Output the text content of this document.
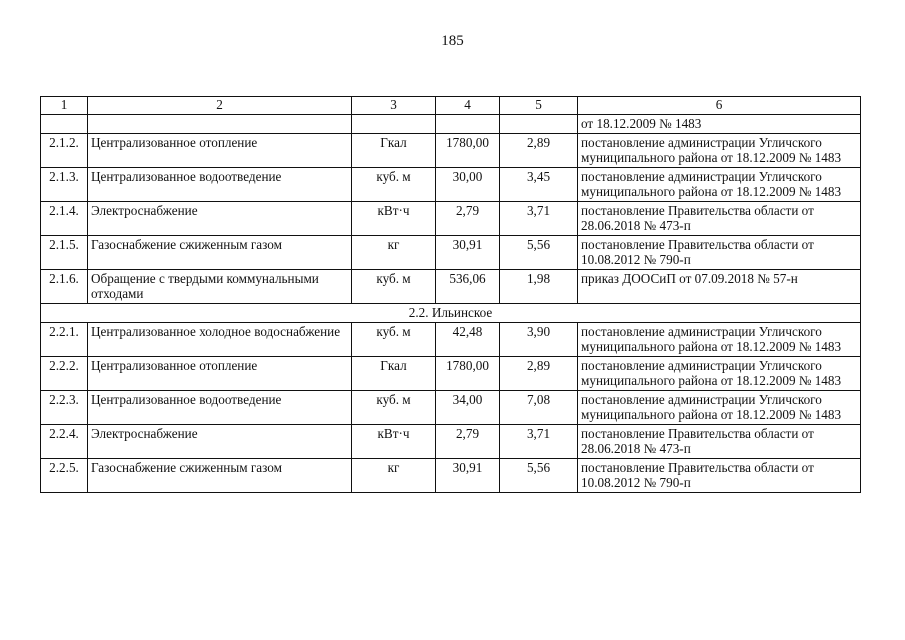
185
1	2	3	4	5	6
					от 18.12.2009 № 1483
2.1.2.	Централизованное отопление	Гкал	1780,00	2,89	постановление администрации Угличского муниципального района от 18.12.2009 № 1483
2.1.3.	Централизованное водоотведение	куб. м	30,00	3,45	постановление администрации Угличского муниципального района от 18.12.2009 № 1483
2.1.4.	Электроснабжение	кВт·ч	2,79	3,71	постановление Правительства области от 28.06.2018 № 473-п
2.1.5.	Газоснабжение сжиженным газом	кг	30,91	5,56	постановление Правительства области от 10.08.2012 № 790-п
2.1.6.	Обращение с твердыми коммунальными отходами	куб. м	536,06	1,98	приказ ДООСиП от 07.09.2018 № 57-н
2.2. Ильинское					
2.2.1.	Централизованное холодное водоснабжение	куб. м	42,48	3,90	постановление администрации Угличского муниципального района от 18.12.2009 № 1483
2.2.2.	Централизованное отопление	Гкал	1780,00	2,89	постановление администрации Угличского муниципального района от 18.12.2009 № 1483
2.2.3.	Централизованное водоотведение	куб. м	34,00	7,08	постановление администрации Угличского муниципального района от 18.12.2009 № 1483
2.2.4.	Электроснабжение	кВт·ч	2,79	3,71	постановление Правительства области от 28.06.2018 № 473-п
2.2.5.	Газоснабжение сжиженным газом	кг	30,91	5,56	постановление Правительства области от 10.08.2012 № 790-п
